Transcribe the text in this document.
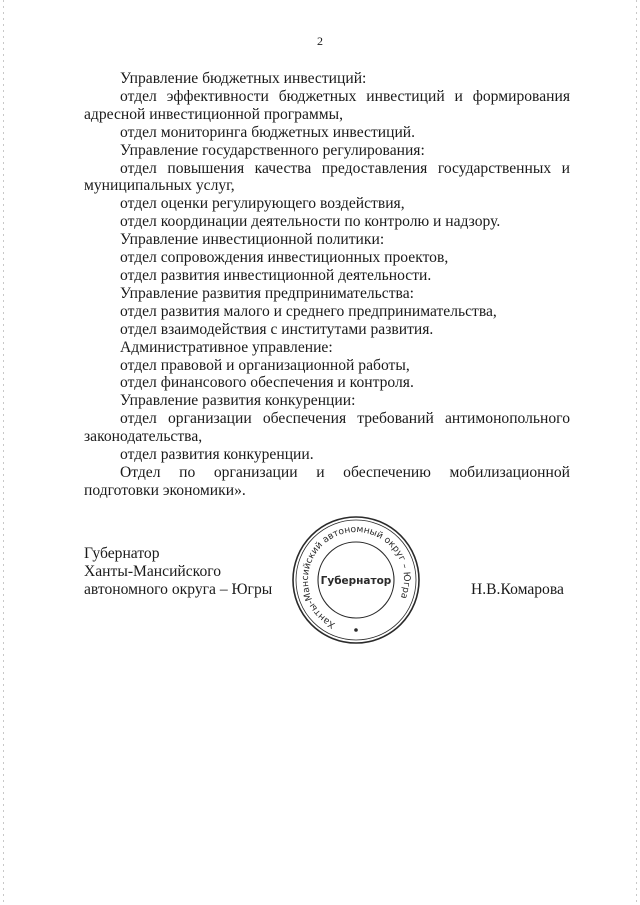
2

Управление бюджетных инвестиций:

отдел эффективности бюджетных инвестиций и формирования адресной инвестиционной программы,

отдел мониторинга бюджетных инвестиций.

Управление государственного регулирования:

отдел повышения качества предоставления государственных и муниципальных услуг,

отдел оценки регулирующего воздействия,

отдел координации деятельности по контролю и надзору.

Управление инвестиционной политики:

отдел сопровождения инвестиционных проектов,

отдел развития инвестиционной деятельности.

Управление развития предпринимательства:

отдел развития малого и среднего предпринимательства,

отдел взаимодействия с институтами развития.

Административное управление:

отдел правовой и организационной работы,

отдел финансового обеспечения и контроля.

Управление развития конкуренции:

отдел организации обеспечения требований антимонопольного законодательства,

отдел развития конкуренции.

Отдел по организации и обеспечению мобилизационной подготовки экономики».

Губернатор
Ханты-Мансийского
автономного округа – Югры
Ханты-Мансийский автономный округ – Югра
Губернатор	Н.В.Комарова
